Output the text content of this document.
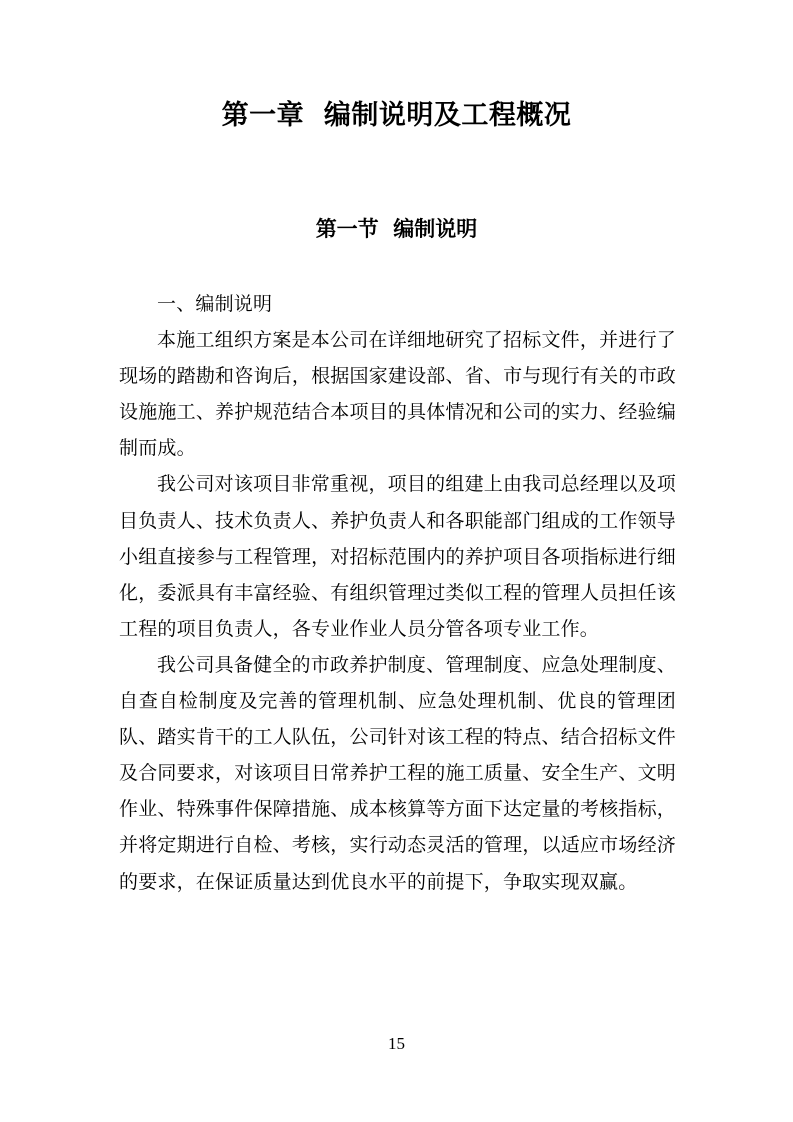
第一章  编制说明及工程概况
第一节  编制说明

一、编制说明

本施工组织方案是本公司在详细地研究了招标文件，并进行了现场的踏勘和咨询后，根据国家建设部、省、市与现行有关的市政设施施工、养护规范结合本项目的具体情况和公司的实力、经验编制而成。

我公司对该项目非常重视，项目的组建上由我司总经理以及项目负责人、技术负责人、养护负责人和各职能部门组成的工作领导小组直接参与工程管理，对招标范围内的养护项目各项指标进行细化，委派具有丰富经验、有组织管理过类似工程的管理人员担任该工程的项目负责人，各专业作业人员分管各项专业工作。

我公司具备健全的市政养护制度、管理制度、应急处理制度、自查自检制度及完善的管理机制、应急处理机制、优良的管理团队、踏实肯干的工人队伍，公司针对该工程的特点、结合招标文件及合同要求，对该项目日常养护工程的施工质量、安全生产、文明作业、特殊事件保障措施、成本核算等方面下达定量的考核指标，并将定期进行自检、考核，实行动态灵活的管理，以适应市场经济的要求，在保证质量达到优良水平的前提下，争取实现双赢。

15
